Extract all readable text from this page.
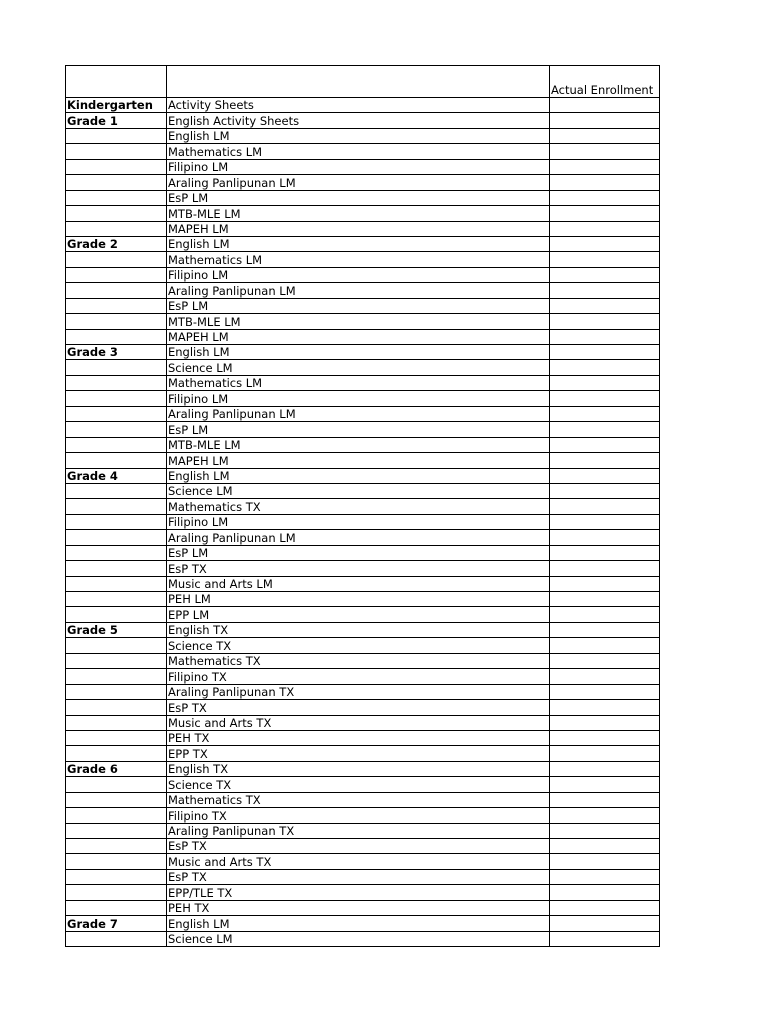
		Actual Enrollment
Kindergarten	Activity Sheets	
Grade 1	English Activity Sheets	
	English LM	
	Mathematics LM	
	Filipino LM	
	Araling Panlipunan LM	
	EsP LM	
	MTB-MLE LM	
	MAPEH LM	
Grade 2	English LM	
	Mathematics LM	
	Filipino LM	
	Araling Panlipunan LM	
	EsP LM	
	MTB-MLE LM	
	MAPEH LM	
Grade 3	English LM	
	Science LM	
	Mathematics LM	
	Filipino LM	
	Araling Panlipunan LM	
	EsP LM	
	MTB-MLE LM	
	MAPEH LM	
Grade 4	English LM	
	Science LM	
	Mathematics TX	
	Filipino LM	
	Araling Panlipunan LM	
	EsP LM	
	EsP TX	
	Music and Arts LM	
	PEH LM	
	EPP LM	
Grade 5	English TX	
	Science TX	
	Mathematics TX	
	Filipino TX	
	Araling Panlipunan TX	
	EsP TX	
	Music and Arts TX	
	PEH TX	
	EPP TX	
Grade 6	English TX	
	Science TX	
	Mathematics TX	
	Filipino TX	
	Araling Panlipunan TX	
	EsP TX	
	Music and Arts TX	
	EsP TX	
	EPP/TLE TX	
	PEH TX	
Grade 7	English LM	
	Science LM	
